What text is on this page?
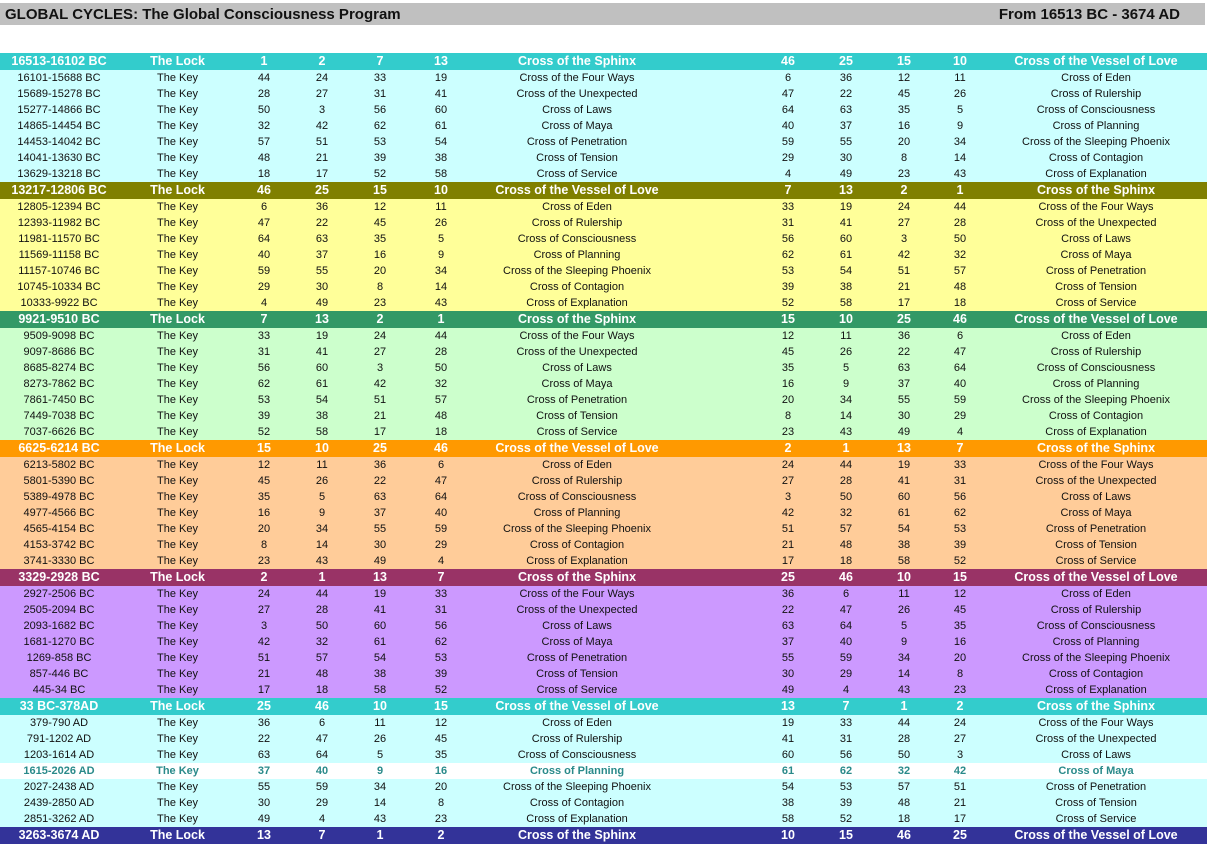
GLOBAL CYCLES: The Global Consciousness Program	From 16513 BC - 3674 AD
16513-16102 BC	The Lock	1	2	7	13	Cross of the Sphinx	46	25	15	10	Cross of the Vessel of Love
16101-15688 BC	The Key	44	24	33	19	Cross of the Four Ways	6	36	12	11	Cross of Eden
15689-15278 BC	The Key	28	27	31	41	Cross of the Unexpected	47	22	45	26	Cross of Rulership
15277-14866 BC	The Key	50	3	56	60	Cross of Laws	64	63	35	5	Cross of Consciousness
14865-14454 BC	The Key	32	42	62	61	Cross of Maya	40	37	16	9	Cross of Planning
14453-14042 BC	The Key	57	51	53	54	Cross of Penetration	59	55	20	34	Cross of the Sleeping Phoenix
14041-13630 BC	The Key	48	21	39	38	Cross of Tension	29	30	8	14	Cross of Contagion
13629-13218 BC	The Key	18	17	52	58	Cross of Service	4	49	23	43	Cross of Explanation
13217-12806 BC	The Lock	46	25	15	10	Cross of the Vessel of Love	7	13	2	1	Cross of the Sphinx
12805-12394 BC	The Key	6	36	12	11	Cross of Eden	33	19	24	44	Cross of the Four Ways
12393-11982 BC	The Key	47	22	45	26	Cross of Rulership	31	41	27	28	Cross of the Unexpected
11981-11570 BC	The Key	64	63	35	5	Cross of Consciousness	56	60	3	50	Cross of Laws
11569-11158 BC	The Key	40	37	16	9	Cross of Planning	62	61	42	32	Cross of Maya
11157-10746 BC	The Key	59	55	20	34	Cross of the Sleeping Phoenix	53	54	51	57	Cross of Penetration
10745-10334 BC	The Key	29	30	8	14	Cross of Contagion	39	38	21	48	Cross of Tension
10333-9922 BC	The Key	4	49	23	43	Cross of Explanation	52	58	17	18	Cross of Service
9921-9510 BC	The Lock	7	13	2	1	Cross of the Sphinx	15	10	25	46	Cross of the Vessel of Love
9509-9098 BC	The Key	33	19	24	44	Cross of the Four Ways	12	11	36	6	Cross of Eden
9097-8686 BC	The Key	31	41	27	28	Cross of the Unexpected	45	26	22	47	Cross of Rulership
8685-8274 BC	The Key	56	60	3	50	Cross of Laws	35	5	63	64	Cross of Consciousness
8273-7862 BC	The Key	62	61	42	32	Cross of Maya	16	9	37	40	Cross of Planning
7861-7450 BC	The Key	53	54	51	57	Cross of Penetration	20	34	55	59	Cross of the Sleeping Phoenix
7449-7038 BC	The Key	39	38	21	48	Cross of Tension	8	14	30	29	Cross of Contagion
7037-6626 BC	The Key	52	58	17	18	Cross of Service	23	43	49	4	Cross of Explanation
6625-6214 BC	The Lock	15	10	25	46	Cross of the Vessel of Love	2	1	13	7	Cross of the Sphinx
6213-5802 BC	The Key	12	11	36	6	Cross of Eden	24	44	19	33	Cross of the Four Ways
5801-5390 BC	The Key	45	26	22	47	Cross of Rulership	27	28	41	31	Cross of the Unexpected
5389-4978 BC	The Key	35	5	63	64	Cross of Consciousness	3	50	60	56	Cross of Laws
4977-4566 BC	The Key	16	9	37	40	Cross of Planning	42	32	61	62	Cross of Maya
4565-4154 BC	The Key	20	34	55	59	Cross of the Sleeping Phoenix	51	57	54	53	Cross of Penetration
4153-3742 BC	The Key	8	14	30	29	Cross of Contagion	21	48	38	39	Cross of Tension
3741-3330 BC	The Key	23	43	49	4	Cross of Explanation	17	18	58	52	Cross of Service
3329-2928 BC	The Lock	2	1	13	7	Cross of the Sphinx	25	46	10	15	Cross of the Vessel of Love
2927-2506 BC	The Key	24	44	19	33	Cross of the Four Ways	36	6	11	12	Cross of Eden
2505-2094 BC	The Key	27	28	41	31	Cross of the Unexpected	22	47	26	45	Cross of Rulership
2093-1682 BC	The Key	3	50	60	56	Cross of Laws	63	64	5	35	Cross of Consciousness
1681-1270 BC	The Key	42	32	61	62	Cross of Maya	37	40	9	16	Cross of Planning
1269-858 BC	The Key	51	57	54	53	Cross of Penetration	55	59	34	20	Cross of the Sleeping Phoenix
857-446 BC	The Key	21	48	38	39	Cross of Tension	30	29	14	8	Cross of Contagion
445-34 BC	The Key	17	18	58	52	Cross of Service	49	4	43	23	Cross of Explanation
33 BC-378AD	The Lock	25	46	10	15	Cross of the Vessel of Love	13	7	1	2	Cross of the Sphinx
379-790 AD	The Key	36	6	11	12	Cross of Eden	19	33	44	24	Cross of the Four Ways
791-1202 AD	The Key	22	47	26	45	Cross of Rulership	41	31	28	27	Cross of the Unexpected
1203-1614 AD	The Key	63	64	5	35	Cross of Consciousness	60	56	50	3	Cross of Laws
1615-2026 AD	The Key	37	40	9	16	Cross of Planning	61	62	32	42	Cross of Maya
2027-2438 AD	The Key	55	59	34	20	Cross of the Sleeping Phoenix	54	53	57	51	Cross of Penetration
2439-2850 AD	The Key	30	29	14	8	Cross of Contagion	38	39	48	21	Cross of Tension
2851-3262 AD	The Key	49	4	43	23	Cross of Explanation	58	52	18	17	Cross of Service
3263-3674 AD	The Lock	13	7	1	2	Cross of the Sphinx	10	15	46	25	Cross of the Vessel of Love
